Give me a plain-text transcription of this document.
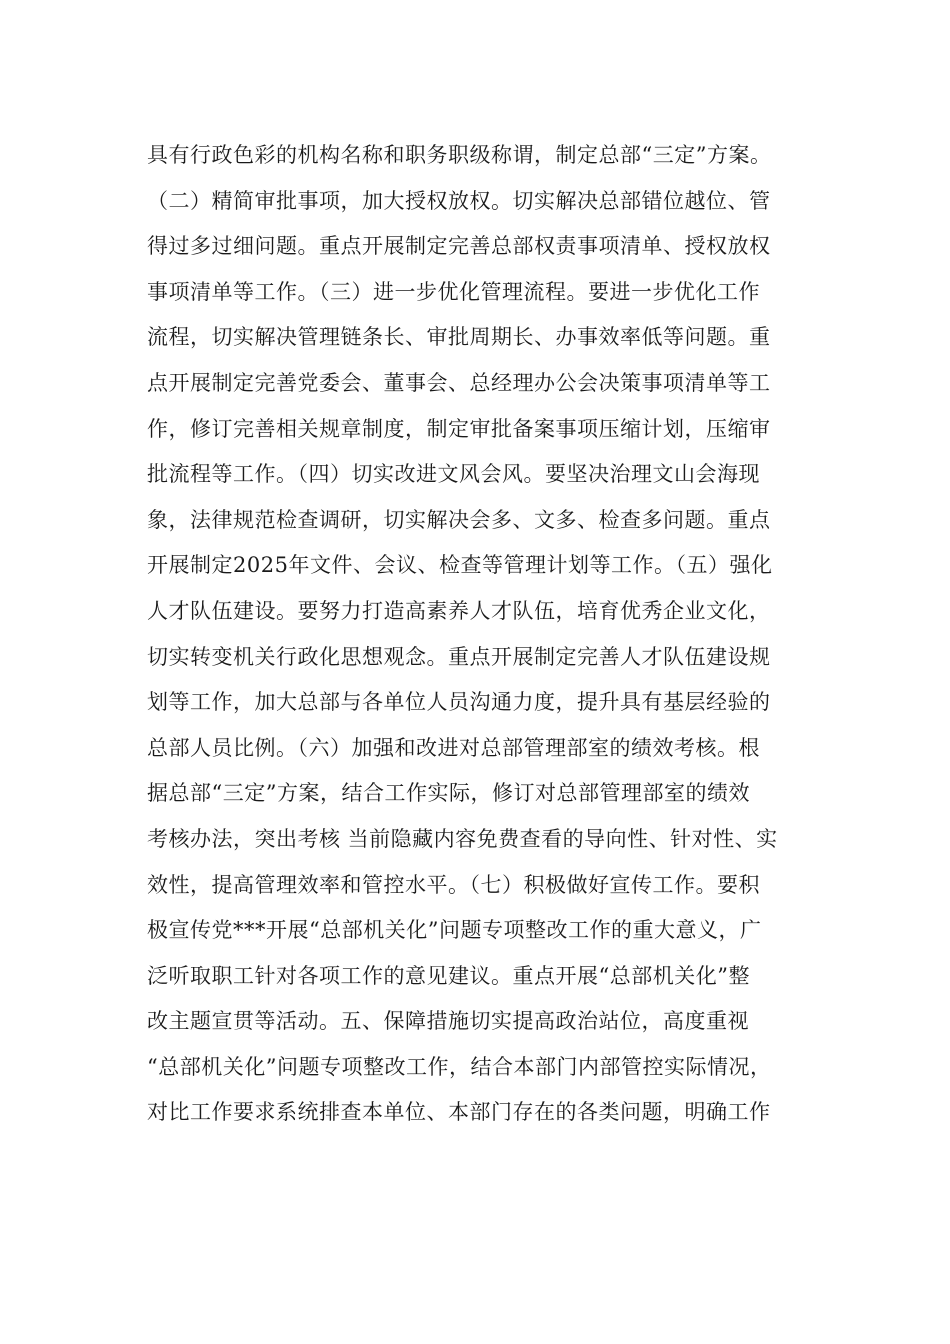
具有行政色彩的机构名称和职务职级称谓，制定总部“三定”方案。
（二）精简审批事项，加大授权放权。切实解决总部错位越位、管
得过多过细问题。重点开展制定完善总部权责事项清单、授权放权
事项清单等工作。（三）进一步优化管理流程。要进一步优化工作
流程，切实解决管理链条长、审批周期长、办事效率低等问题。重
点开展制定完善党委会、董事会、总经理办公会决策事项清单等工
作，修订完善相关规章制度，制定审批备案事项压缩计划，压缩审
批流程等工作。（四）切实改进文风会风。要坚决治理文山会海现
象，法律规范检查调研，切实解决会多、文多、检查多问题。重点
开展制定2025年文件、会议、检查等管理计划等工作。（五）强化
人才队伍建设。要努力打造高素养人才队伍，培育优秀企业文化，
切实转变机关行政化思想观念。重点开展制定完善人才队伍建设规
划等工作，加大总部与各单位人员沟通力度，提升具有基层经验的
总部人员比例。（六）加强和改进对总部管理部室的绩效考核。根
据总部“三定”方案，结合工作实际，修订对总部管理部室的绩效
考核办法，突出考核 当前隐藏内容免费查看的导向性、针对性、实
效性，提高管理效率和管控水平。（七）积极做好宣传工作。要积
极宣传党***开展“总部机关化”问题专项整改工作的重大意义，广
泛听取职工针对各项工作的意见建议。重点开展“总部机关化”整
改主题宣贯等活动。五、保障措施切实提高政治站位，高度重视
“总部机关化”问题专项整改工作，结合本部门内部管控实际情况，
对比工作要求系统排查本单位、本部门存在的各类问题，明确工作
